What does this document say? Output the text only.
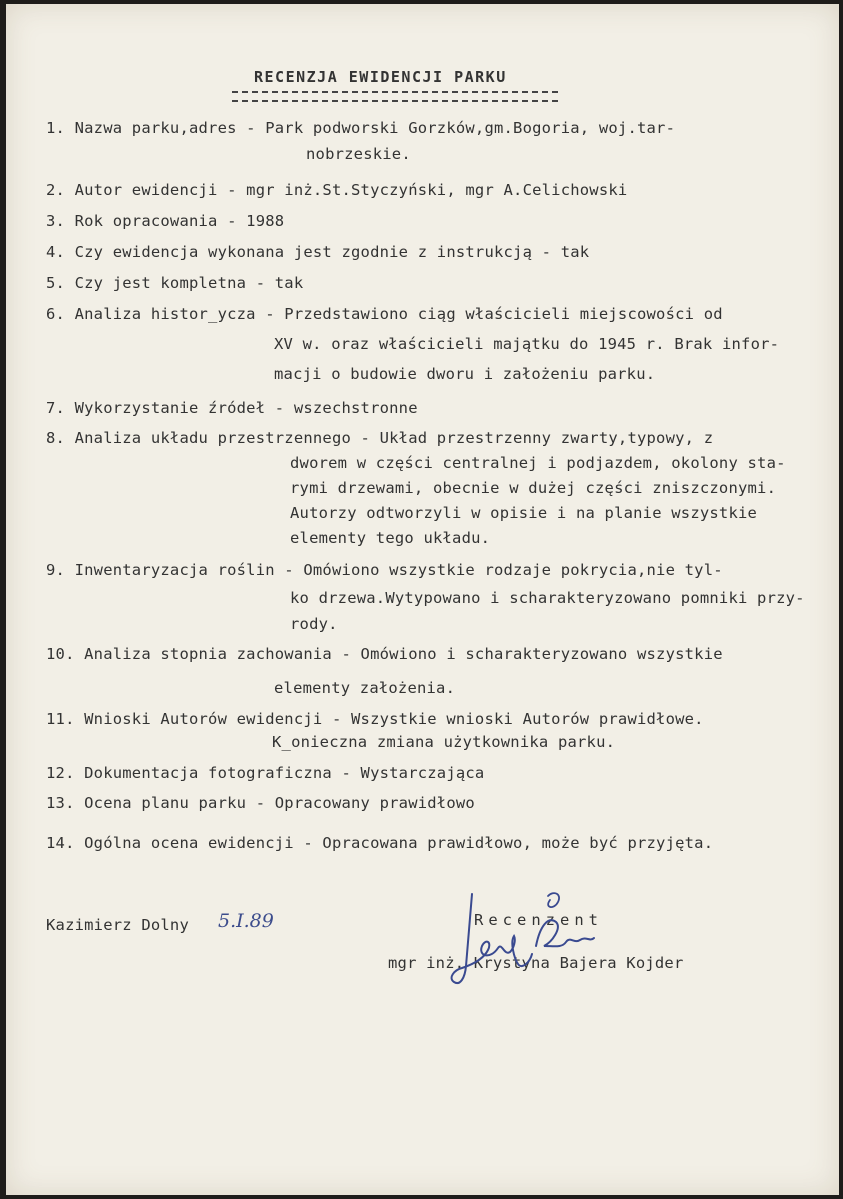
RECENZJA EWIDENCJI PARKU
1. Nazwa parku,adres - Park podworski Gorzków,gm.Bogoria, woj.tar-
nobrzeskie.
2. Autor ewidencji - mgr inż.St.Styczyński, mgr A.Celichowski
3. Rok opracowania - 1988
4. Czy ewidencja wykonana jest zgodnie z instrukcją - tak
5. Czy jest kompletna - tak
6. Analiza histor_ycza - Przedstawiono ciąg właścicieli miejscowości od
XV w. oraz właścicieli majątku do 1945 r. Brak infor-
macji o budowie dworu i założeniu parku.
7. Wykorzystanie źródeł - wszechstronne
8. Analiza układu przestrzennego - Układ przestrzenny zwarty,typowy, z
dworem w części centralnej i podjazdem, okolony sta-
rymi drzewami, obecnie w dużej części zniszczonymi.
Autorzy odtworzyli w opisie i na planie wszystkie
elementy tego układu.
9. Inwentaryzacja roślin - Omówiono wszystkie rodzaje pokrycia,nie tyl-
ko drzewa.Wytypowano i scharakteryzowano pomniki przy-
rody.
10. Analiza stopnia zachowania - Omówiono i scharakteryzowano wszystkie
elementy założenia.
11. Wnioski Autorów ewidencji - Wszystkie wnioski Autorów prawidłowe.
K_onieczna zmiana użytkownika parku.
12. Dokumentacja fotograficzna - Wystarczająca
13. Ocena planu parku - Opracowany prawidłowo
14. Ogólna ocena ewidencji - Opracowana prawidłowo, może być przyjęta.
Kazimierz Dolny 5.I.89	Recenzent
mgr inż. Krystyna Bajera Kojder
